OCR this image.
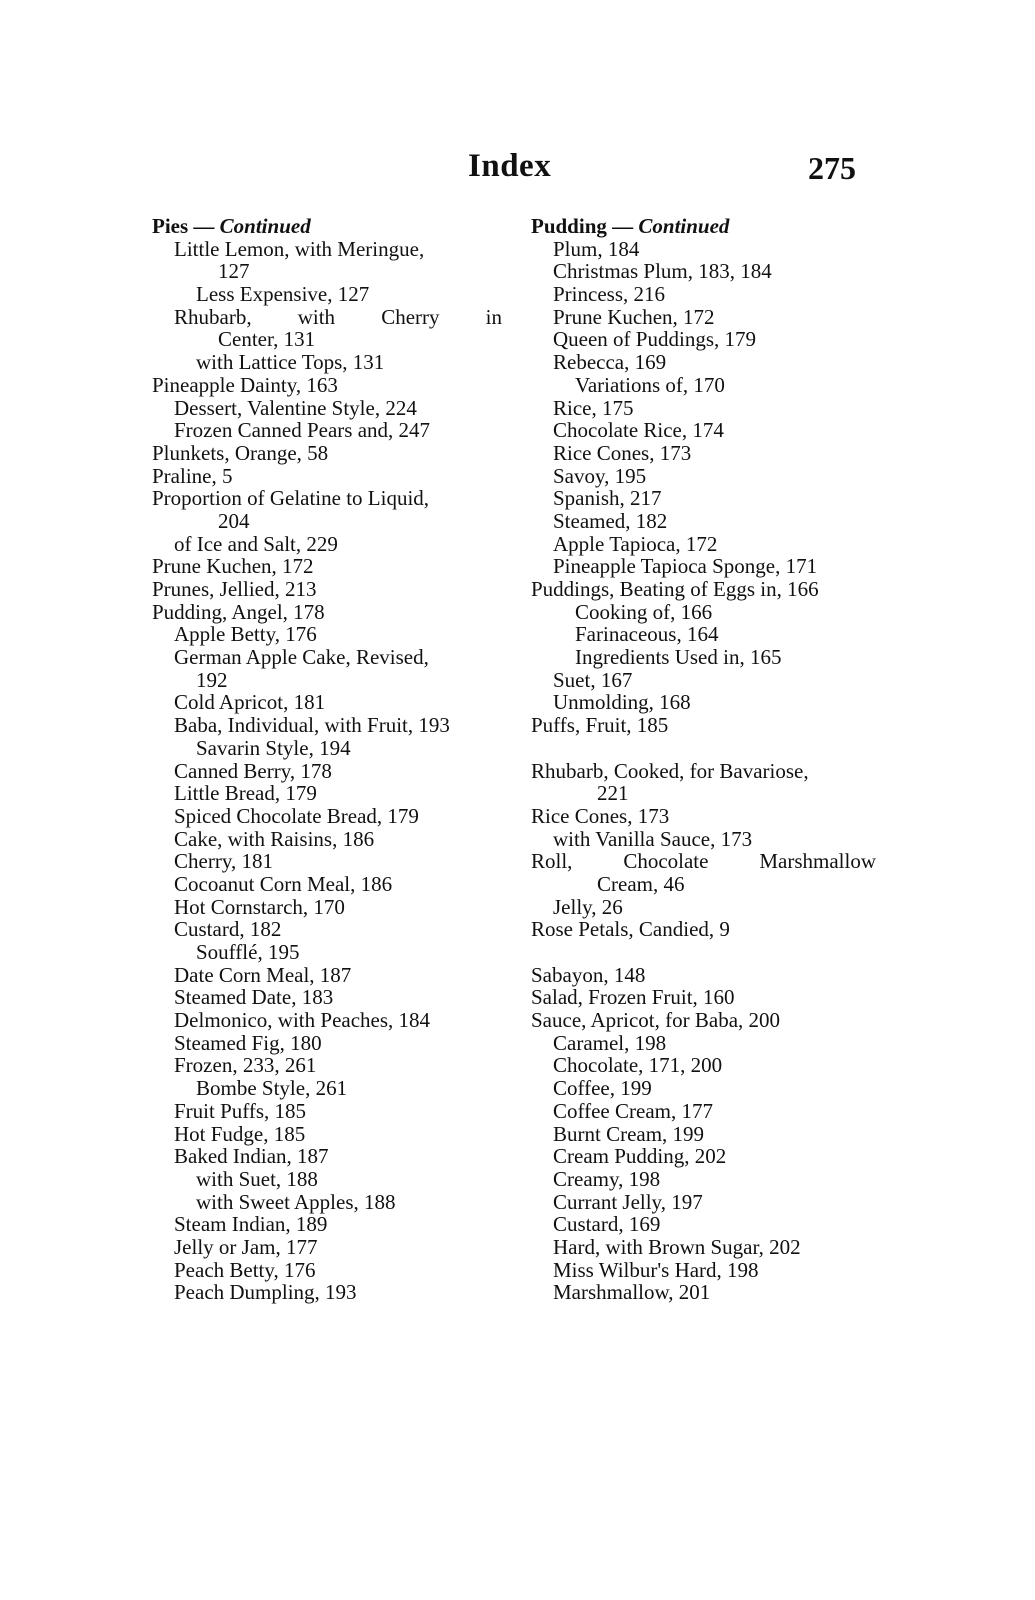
Index	275
Pies — Continued
Little Lemon, with Meringue,
127
Less Expensive, 127
Rhubarb, with Cherry in
Center, 131
with Lattice Tops, 131
Pineapple Dainty, 163
Dessert, Valentine Style, 224
Frozen Canned Pears and, 247
Plunkets, Orange, 58
Praline, 5
Proportion of Gelatine to Liquid,
204
of Ice and Salt, 229
Prune Kuchen, 172
Prunes, Jellied, 213
Pudding, Angel, 178
Apple Betty, 176
German Apple Cake, Revised,
192
Cold Apricot, 181
Baba, Individual, with Fruit, 193
Savarin Style, 194
Canned Berry, 178
Little Bread, 179
Spiced Chocolate Bread, 179
Cake, with Raisins, 186
Cherry, 181
Cocoanut Corn Meal, 186
Hot Cornstarch, 170
Custard, 182
Soufflé, 195
Date Corn Meal, 187
Steamed Date, 183
Delmonico, with Peaches, 184
Steamed Fig, 180
Frozen, 233, 261
Bombe Style, 261
Fruit Puffs, 185
Hot Fudge, 185
Baked Indian, 187
with Suet, 188
with Sweet Apples, 188
Steam Indian, 189
Jelly or Jam, 177
Peach Betty, 176
Peach Dumpling, 193
Pudding — Continued
Plum, 184
Christmas Plum, 183, 184
Princess, 216
Prune Kuchen, 172
Queen of Puddings, 179
Rebecca, 169
Variations of, 170
Rice, 175
Chocolate Rice, 174
Rice Cones, 173
Savoy, 195
Spanish, 217
Steamed, 182
Apple Tapioca, 172
Pineapple Tapioca Sponge, 171
Puddings, Beating of Eggs in, 166
Cooking of, 166
Farinaceous, 164
Ingredients Used in, 165
Suet, 167
Unmolding, 168
Puffs, Fruit, 185
Rhubarb, Cooked, for Bavariose,
221
Rice Cones, 173
with Vanilla Sauce, 173
Roll, Chocolate Marshmallow
Cream, 46
Jelly, 26
Rose Petals, Candied, 9
Sabayon, 148
Salad, Frozen Fruit, 160
Sauce, Apricot, for Baba, 200
Caramel, 198
Chocolate, 171, 200
Coffee, 199
Coffee Cream, 177
Burnt Cream, 199
Cream Pudding, 202
Creamy, 198
Currant Jelly, 197
Custard, 169
Hard, with Brown Sugar, 202
Miss Wilbur's Hard, 198
Marshmallow, 201
